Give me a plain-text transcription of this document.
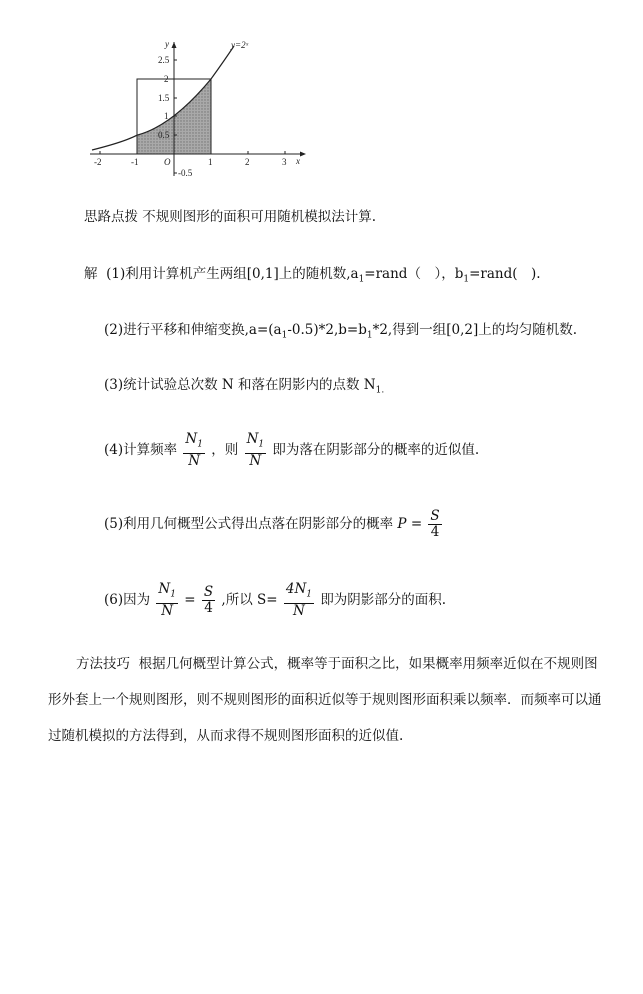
y=2ˣ
x
y
O
-2	-1	1	2	3
2.5
2
1.5
1
0.5
-0.5
思路点拨 不规则图形的面积可用随机模拟法计算.
解 (1)利用计算机产生两组[0,1]上的随机数$,a_1=rand$（　），$b_1=rand$(　).
(2)进行平移和伸缩变换$,a=(a_1-0.5)*2,b=b_1*2$,得到一组[0,2]上的均匀随机数.
(3)统计试验总次数 N 和落在阴影内的点数 $N_{1.}$
(4)计算频率 $\frac{N_1}{N}$ ，则 $\frac{N_1}{N}$ 即为落在阴影部分的概率的近似值.
(5)利用几何概型公式得出点落在阴影部分的概率 $P = \frac{S}{4}$
(6)因为 $\frac{N_1}{N} = \frac{S}{4}$ ,所以 $S= \frac{4N_1}{N}$ 即为阴影部分的面积.
方法技巧 根据几何概型计算公式，概率等于面积之比，如果概率用频率近似在不规则图形外套上一个规则图形，则不规则图形的面积近似等于规则图形面积乘以频率．而频率可以通过随机模拟的方法得到，从而求得不规则图形面积的近似值.
